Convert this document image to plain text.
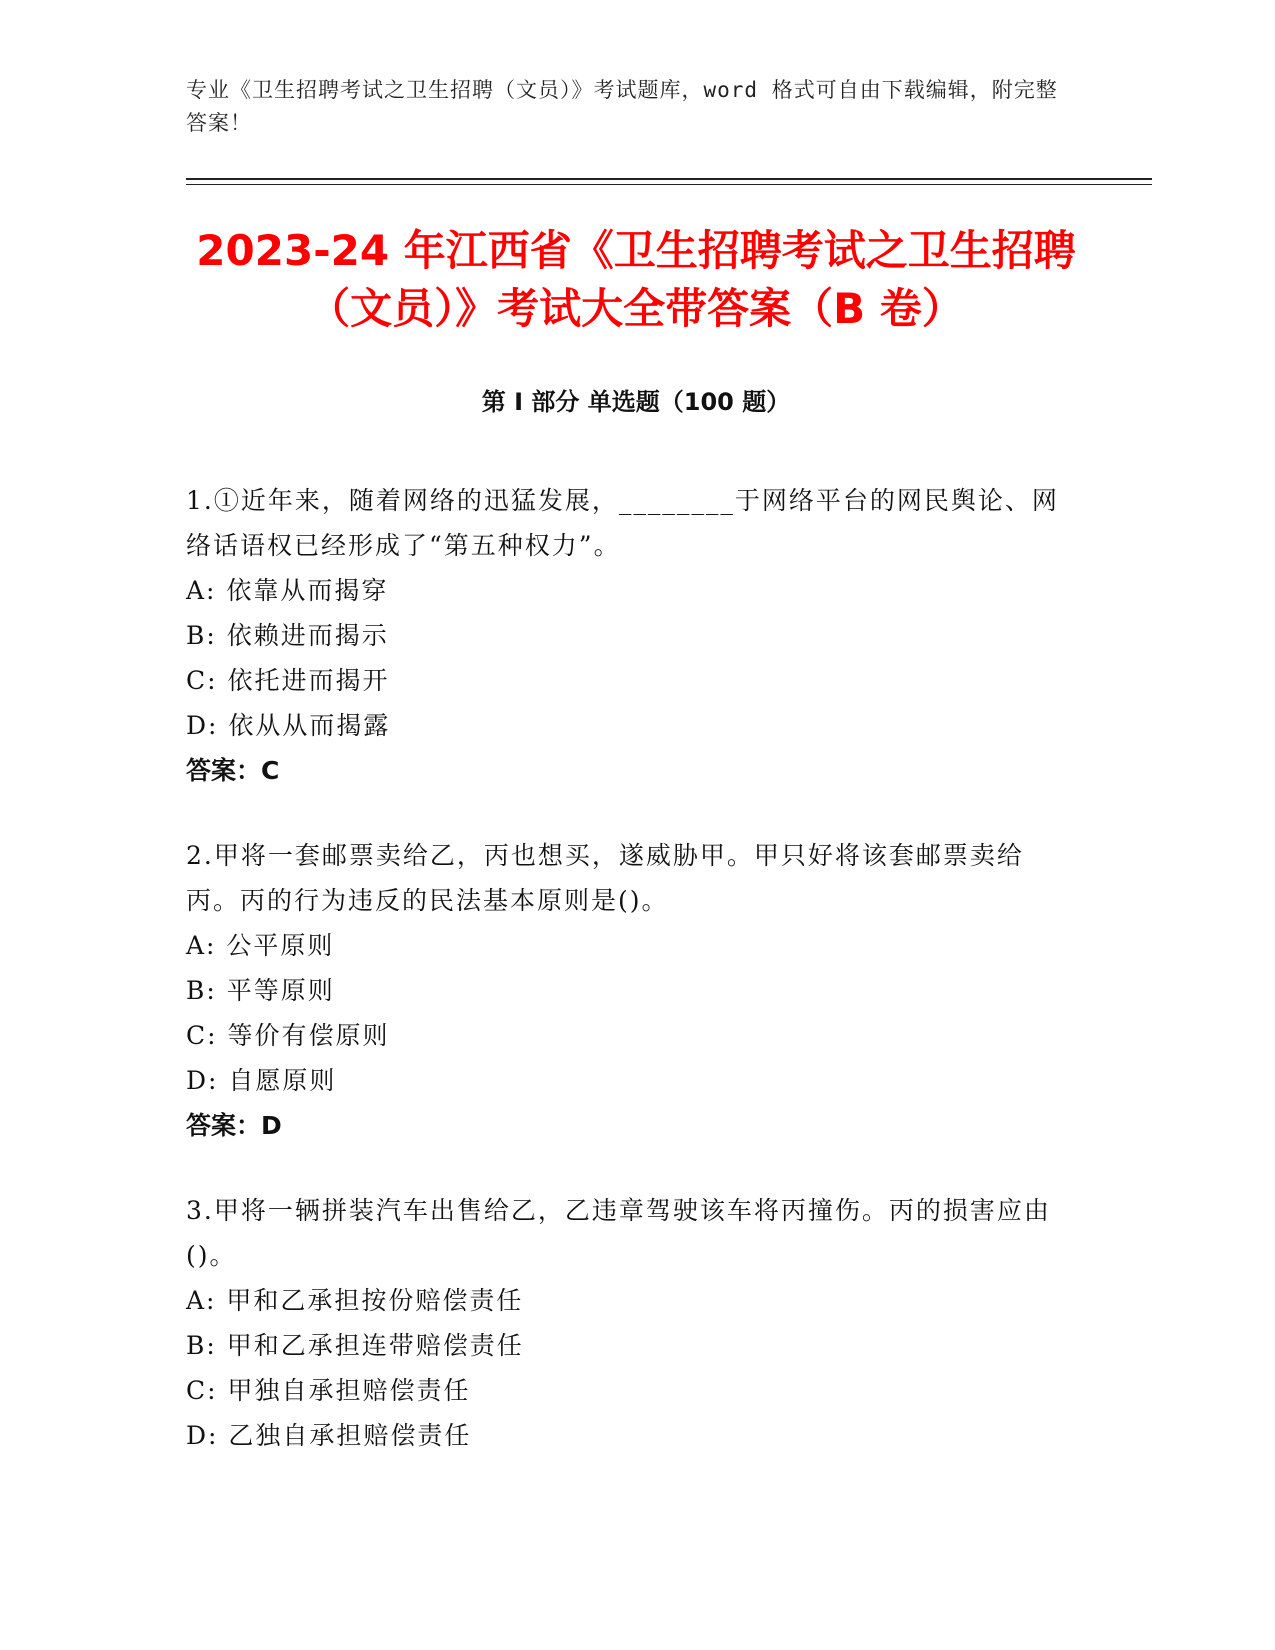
专业《卫生招聘考试之卫生招聘（文员）》考试题库，word 格式可自由下载编辑，附完整答案！
2023-24 年江西省《卫生招聘考试之卫生招聘（文员）》考试大全带答案（B 卷）
第 I 部分 单选题（100 题）

1.①近年来，随着网络的迅猛发展，________于网络平台的网民舆论、网络话语权已经形成了“第五种权力”。

A: 依靠从而揭穿

B: 依赖进而揭示

C: 依托进而揭开

D: 依从从而揭露

答案：C

2.甲将一套邮票卖给乙，丙也想买，遂威胁甲。甲只好将该套邮票卖给丙。丙的行为违反的民法基本原则是()。

A: 公平原则

B: 平等原则

C: 等价有偿原则

D: 自愿原则

答案：D

3.甲将一辆拼装汽车出售给乙，乙违章驾驶该车将丙撞伤。丙的损害应由()。

A: 甲和乙承担按份赔偿责任

B: 甲和乙承担连带赔偿责任

C: 甲独自承担赔偿责任

D: 乙独自承担赔偿责任
